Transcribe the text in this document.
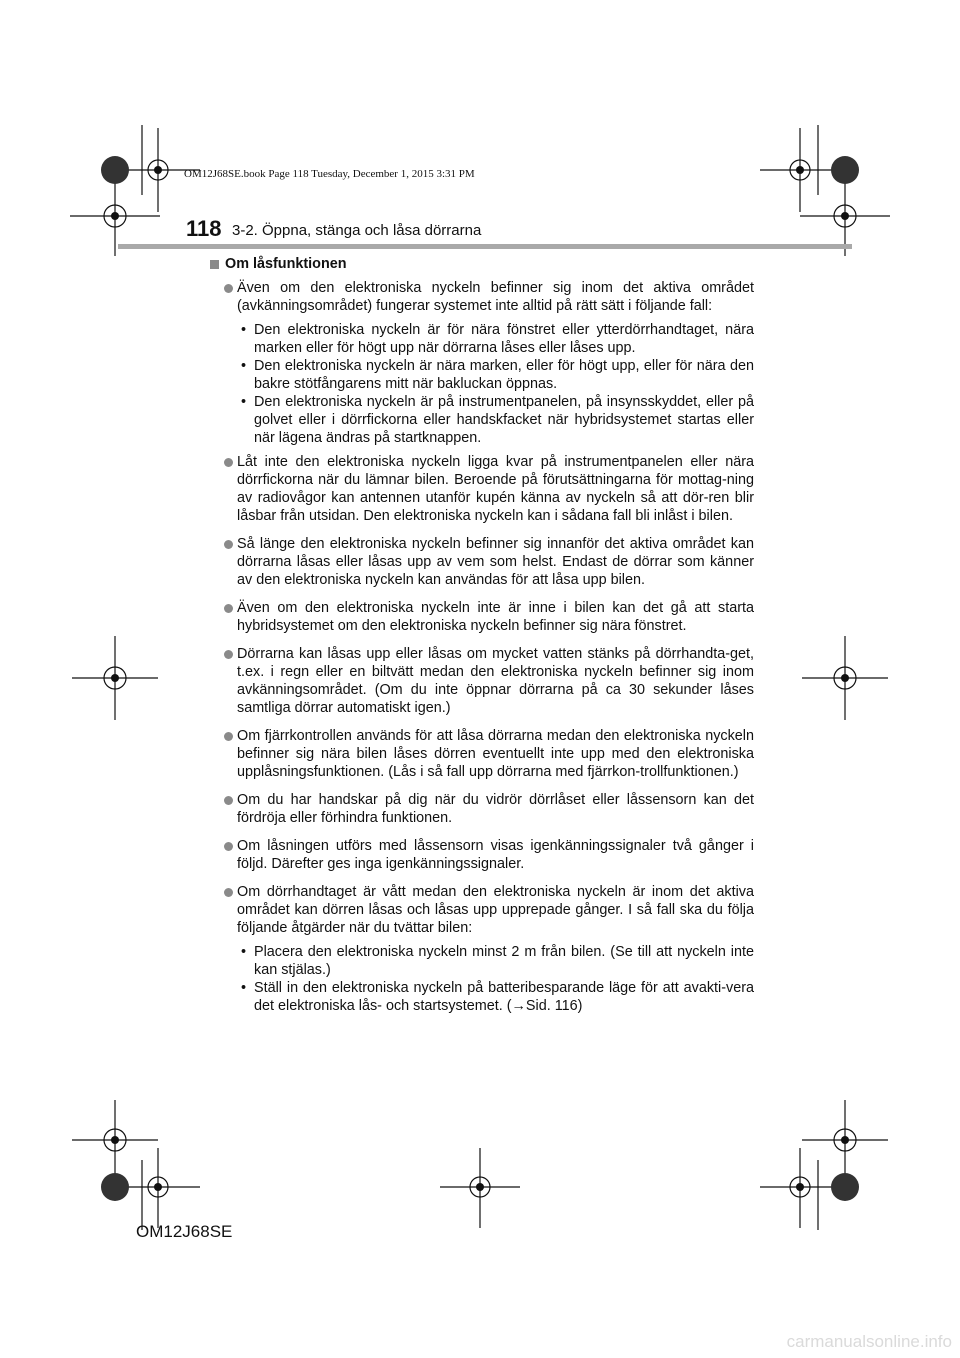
OM12J68SE.book Page 118 Tuesday, December 1, 2015 3:31 PM
118 3-2. Öppna, stänga och låsa dörrarna
Om låsfunktionen
Även om den elektroniska nyckeln befinner sig inom det aktiva området (avkänningsområdet) fungerar systemet inte alltid på rätt sätt i följande fall:
• Den elektroniska nyckeln är för nära fönstret eller ytterdörrhandtaget, nära marken eller för högt upp när dörrarna låses eller låses upp.
• Den elektroniska nyckeln är nära marken, eller för högt upp, eller för nära den bakre stötfångarens mitt när bakluckan öppnas.
• Den elektroniska nyckeln är på instrumentpanelen, på insynsskyddet, eller på golvet eller i dörrfickorna eller handskfacket när hybridsystemet startas eller när lägena ändras på startknappen.
Låt inte den elektroniska nyckeln ligga kvar på instrumentpanelen eller nära dörrfickorna när du lämnar bilen. Beroende på förutsättningarna för mottag-ning av radiovågor kan antennen utanför kupén känna av nyckeln så att dör-ren blir låsbar från utsidan. Den elektroniska nyckeln kan i sådana fall bli inlåst i bilen.
Så länge den elektroniska nyckeln befinner sig innanför det aktiva området kan dörrarna låsas eller låsas upp av vem som helst. Endast de dörrar som känner av den elektroniska nyckeln kan användas för att låsa upp bilen.
Även om den elektroniska nyckeln inte är inne i bilen kan det gå att starta hybridsystemet om den elektroniska nyckeln befinner sig nära fönstret.
Dörrarna kan låsas upp eller låsas om mycket vatten stänks på dörrhandta-get, t.ex. i regn eller en biltvätt medan den elektroniska nyckeln befinner sig inom avkänningsområdet. (Om du inte öppnar dörrarna på ca 30 sekunder låses samtliga dörrar automatiskt igen.)
Om fjärrkontrollen används för att låsa dörrarna medan den elektroniska nyckeln befinner sig nära bilen låses dörren eventuellt inte upp med den elektroniska upplåsningsfunktionen. (Lås i så fall upp dörrarna med fjärrkon-trollfunktionen.)
Om du har handskar på dig när du vidrör dörrlåset eller låssensorn kan det fördröja eller förhindra funktionen.
Om låsningen utförs med låssensorn visas igenkänningssignaler två gånger i följd. Därefter ges inga igenkänningssignaler.
Om dörrhandtaget är vått medan den elektroniska nyckeln är inom det aktiva området kan dörren låsas och låsas upp upprepade gånger. I så fall ska du följa följande åtgärder när du tvättar bilen:
• Placera den elektroniska nyckeln minst 2 m från bilen. (Se till att nyckeln inte kan stjälas.)
• Ställ in den elektroniska nyckeln på batteribesparande läge för att avakti-vera det elektroniska lås- och startsystemet. (→Sid. 116)
OM12J68SE
carmanualsonline.info
